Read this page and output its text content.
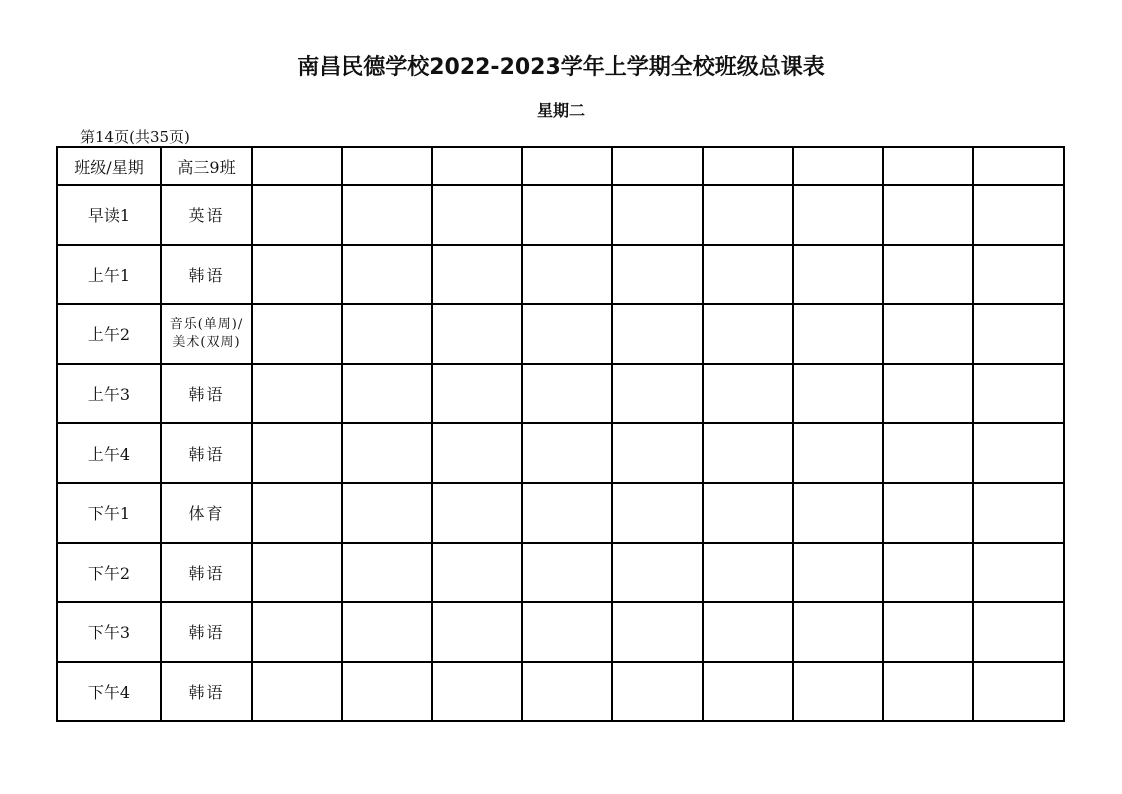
南昌民德学校2022-2023学年上学期全校班级总课表
星期二
第14页(共35页)
班级/星期	高三9班									
早读1	英语									
上午1	韩语									
上午2	音乐(单周)/美术(双周)									
上午3	韩语									
上午4	韩语									
下午1	体育									
下午2	韩语									
下午3	韩语									
下午4	韩语									
